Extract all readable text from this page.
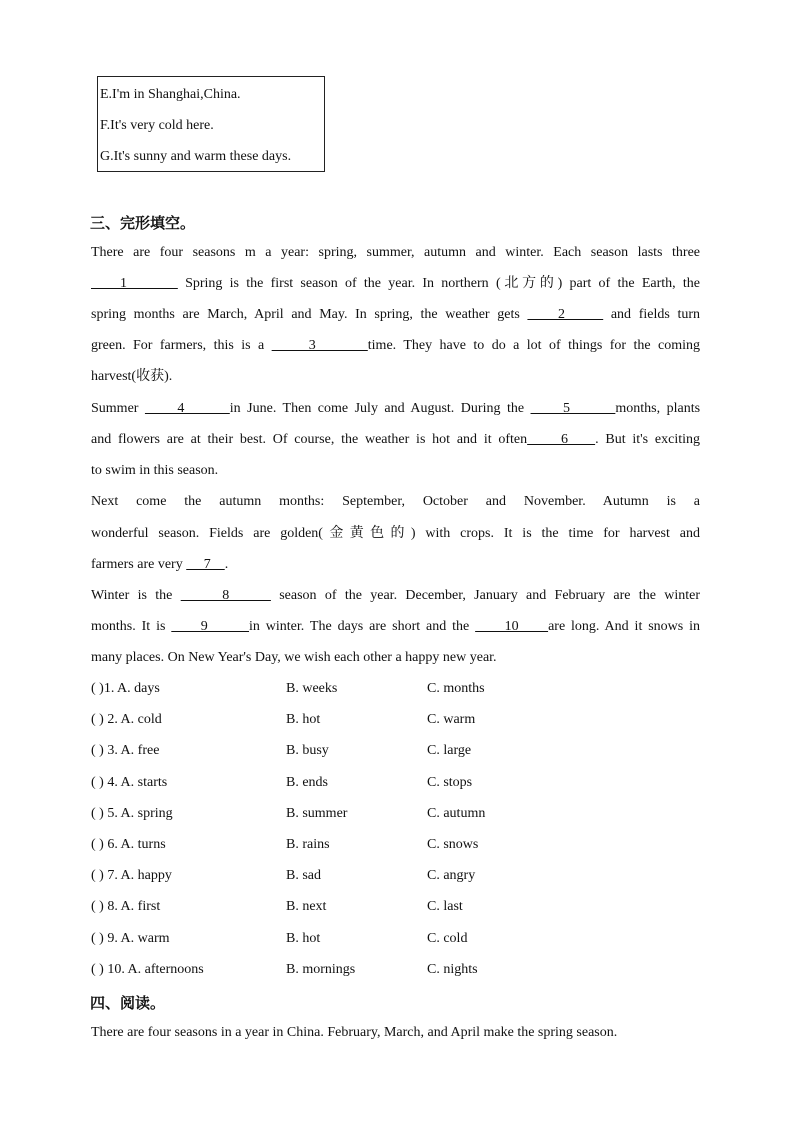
E.I'm in Shanghai,China.
F.It's very cold here.
G.It's sunny and warm these days.
三、完形填空。
There are four seasons m a year: spring, summer, autumn and winter. Each season lasts three
1        Spring is the first season of the year. In northern (北方的) part of the Earth, the
spring months are March, April and May. In spring, the weather gets     2      and fields turn
green. For farmers, this is a      3       time. They have to do a lot of things for the coming
harvest(收获).
Summer      4       in June. Then come July and August. During the      5       months, plants
and flowers are at their best. Of course, the weather is hot and it often     6    . But it's exciting
to swim in this season.
Next come the autumn months: September, October and November. Autumn is a
wonderful season. Fields are golden(金黄色的) with crops. It is the time for harvest and
farmers are very      7    .
Winter is the      8      season of the year. December, January and February are the winter
months. It is      9       in winter. The days are short and the      10     are long. And it snows in
many places. On New Year's Day, we wish each other a happy new year.
( )1. A. days	B. weeks	C. months
( ) 2. A. cold	B. hot	C. warm
( ) 3. A. free	B. busy	C. large
( ) 4. A. starts	B. ends	C. stops
( ) 5. A. spring	B. summer	C. autumn
( ) 6. A. turns	B. rains	C. snows
( ) 7. A. happy	B. sad	C. angry
( ) 8. A. first	B. next	C. last
( ) 9. A. warm	B. hot	C. cold
( ) 10. A. afternoons	B. mornings	C. nights
四、阅读。
There are four seasons in a year in China. February, March, and April make the spring season.
